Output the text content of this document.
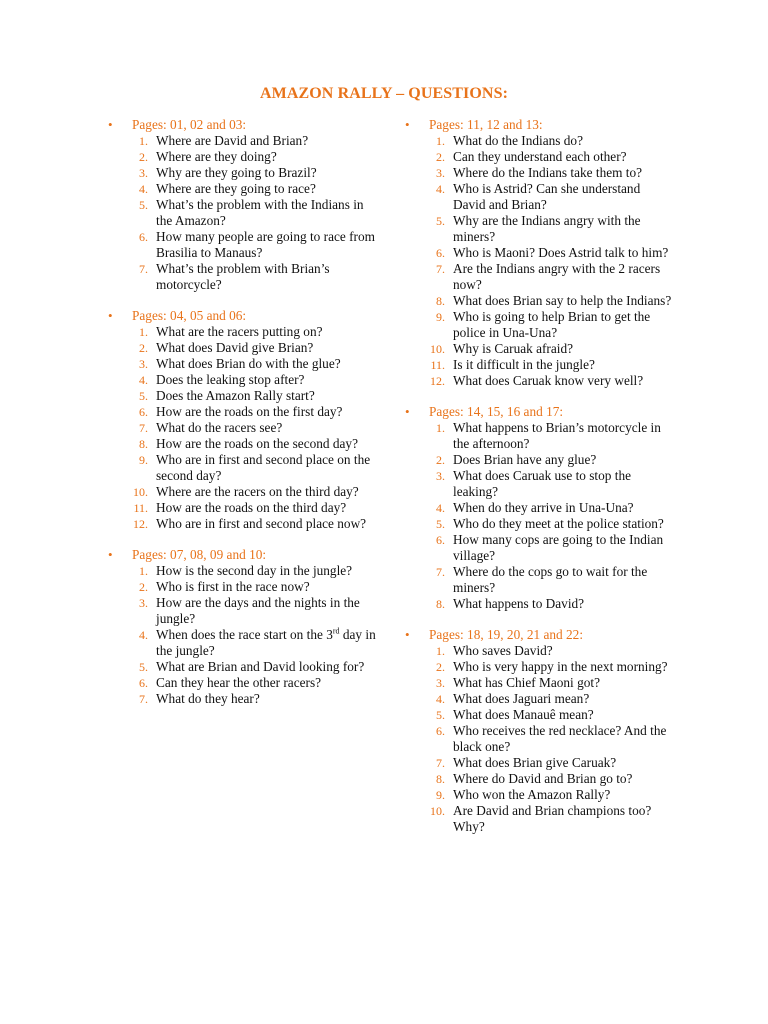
AMAZON RALLY – QUESTIONS:
• Pages: 01, 02 and 03:
1. Where are David and Brian?
2. Where are they doing?
3. Why are they going to Brazil?
4. Where are they going to race?
5. What’s the problem with the Indians in the Amazon?
6. How many people are going to race from Brasilia to Manaus?
7. What’s the problem with Brian’s motorcycle?
• Pages: 04, 05 and 06:
1. What are the racers putting on?
2. What does David give Brian?
3. What does Brian do with the glue?
4. Does the leaking stop after?
5. Does the Amazon Rally start?
6. How are the roads on the first day?
7. What do the racers see?
8. How are the roads on the second day?
9. Who are in first and second place on the second day?
10. Where are the racers on the third day?
11. How are the roads on the third day?
12. Who are in first and second place now?
• Pages: 07, 08, 09 and 10:
1. How is the second day in the jungle?
2. Who is first in the race now?
3. How are the days and the nights in the jungle?
4. When does the race start on the 3rd day in the jungle?
5. What are Brian and David looking for?
6. Can they hear the other racers?
7. What do they hear?
• Pages: 11, 12 and 13:
1. What do the Indians do?
2. Can they understand each other?
3. Where do the Indians take them to?
4. Who is Astrid? Can she understand David and Brian?
5. Why are the Indians angry with the miners?
6. Who is Maoni? Does Astrid talk to him?
7. Are the Indians angry with the 2 racers now?
8. What does Brian say to help the Indians?
9. Who is going to help Brian to get the police in Una-Una?
10. Why is Caruak afraid?
11. Is it difficult in the jungle?
12. What does Caruak know very well?
• Pages: 14, 15, 16 and 17:
1. What happens to Brian’s motorcycle in the afternoon?
2. Does Brian have any glue?
3. What does Caruak use to stop the leaking?
4. When do they arrive in Una-Una?
5. Who do they meet at the police station?
6. How many cops are going to the Indian village?
7. Where do the cops go to wait for the miners?
8. What happens to David?
• Pages: 18, 19, 20, 21 and 22:
1. Who saves David?
2. Who is very happy in the next morning?
3. What has Chief Maoni got?
4. What does Jaguari mean?
5. What does Manauê mean?
6. Who receives the red necklace? And the black one?
7. What does Brian give Caruak?
8. Where do David and Brian go to?
9. Who won the Amazon Rally?
10. Are David and Brian champions too? Why?
